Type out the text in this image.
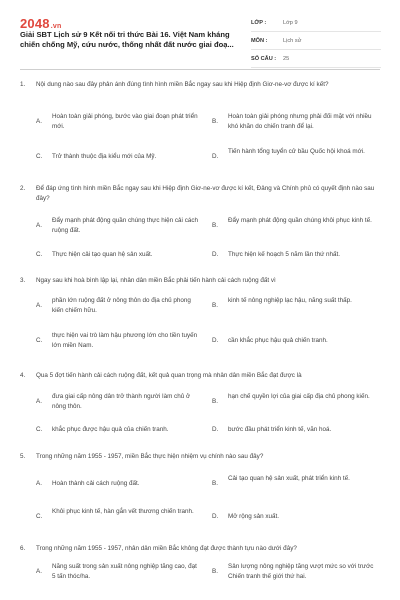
2048.vn
Giải SBT Lịch sử 9 Kết nối tri thức Bài 16. Việt Nam kháng chiến chống Mỹ, cứu nước, thống nhất đất nước giai đoạ...
LỚP :	Lớp 9
MÔN :	Lịch sử
SỐ CÂU :	25
1.	Nội dung nào sau đây phản ánh đúng tình hình miền Bắc ngay sau khi Hiệp định Giơ-ne-vơ được kí kết?
A.
Hoàn toàn giải phóng, bước vào giai đoạn phát triển mới.
B.
Hoàn toàn giải phóng nhưng phải đối mặt với nhiều khó khăn do chiến tranh để lại.
C.	Trở thành thuộc địa kiểu mới của Mỹ.	D.
Tiến hành tổng tuyển cử bầu Quốc hội khoá mới.
2.	Để đáp ứng tình hình miền Bắc ngay sau khi Hiệp định Giơ-ne-vơ được kí kết, Đảng và Chính phủ có quyết định nào sau đây?
A.
Đẩy mạnh phát động quần chúng thực hiện cải cách ruộng đất.
B.
Đẩy mạnh phát động quần chúng khôi phục kinh tế.
C.	Thực hiện cải tạo quan hệ sản xuất.	D.	Thực hiện kế hoạch 5 năm lần thứ nhất.
3.	Ngay sau khi hoà bình lập lại, nhân dân miền Bắc phải tiến hành cải cách ruộng đất vì
A.
phần lớn ruộng đất ở nông thôn do địa chủ phong kiến chiếm hữu.
B.
kinh tế nông nghiệp lạc hậu, năng suất thấp.
C.
thực hiện vai trò làm hậu phương lớn cho tiền tuyến lớn miền Nam.
D.	cần khắc phục hậu quả chiến tranh.
4.	Qua 5 đợt tiến hành cải cách ruộng đất, kết quả quan trọng mà nhân dân miền Bắc đạt được là
A.
đưa giai cấp nông dân trở thành người làm chủ ở nông thôn.
B.
hạn chế quyền lợi của giai cấp địa chủ phong kiến.
C.	khắc phục được hậu quả của chiến tranh.	D.	bước đầu phát triển kinh tế, văn hoá.
5.	Trong những năm 1955 - 1957, miền Bắc thực hiện nhiệm vụ chính nào sau đây?
A.	Hoàn thành cải cách ruộng đất.	B.
Cải tạo quan hệ sản xuất, phát triển kinh tế.
C.
Khôi phục kinh tế, hàn gắn vết thương chiến tranh.
D.	Mở rộng sản xuất.
6.	Trong những năm 1955 - 1957, nhân dân miền Bắc không đạt được thành tựu nào dưới đây?
A.
Năng suất trong sản xuất nông nghiệp tăng cao, đạt 5 tấn thóc/ha.
B.
Sản lượng nông nghiệp tăng vượt mức so với trước Chiến tranh thế giới thứ hai.
